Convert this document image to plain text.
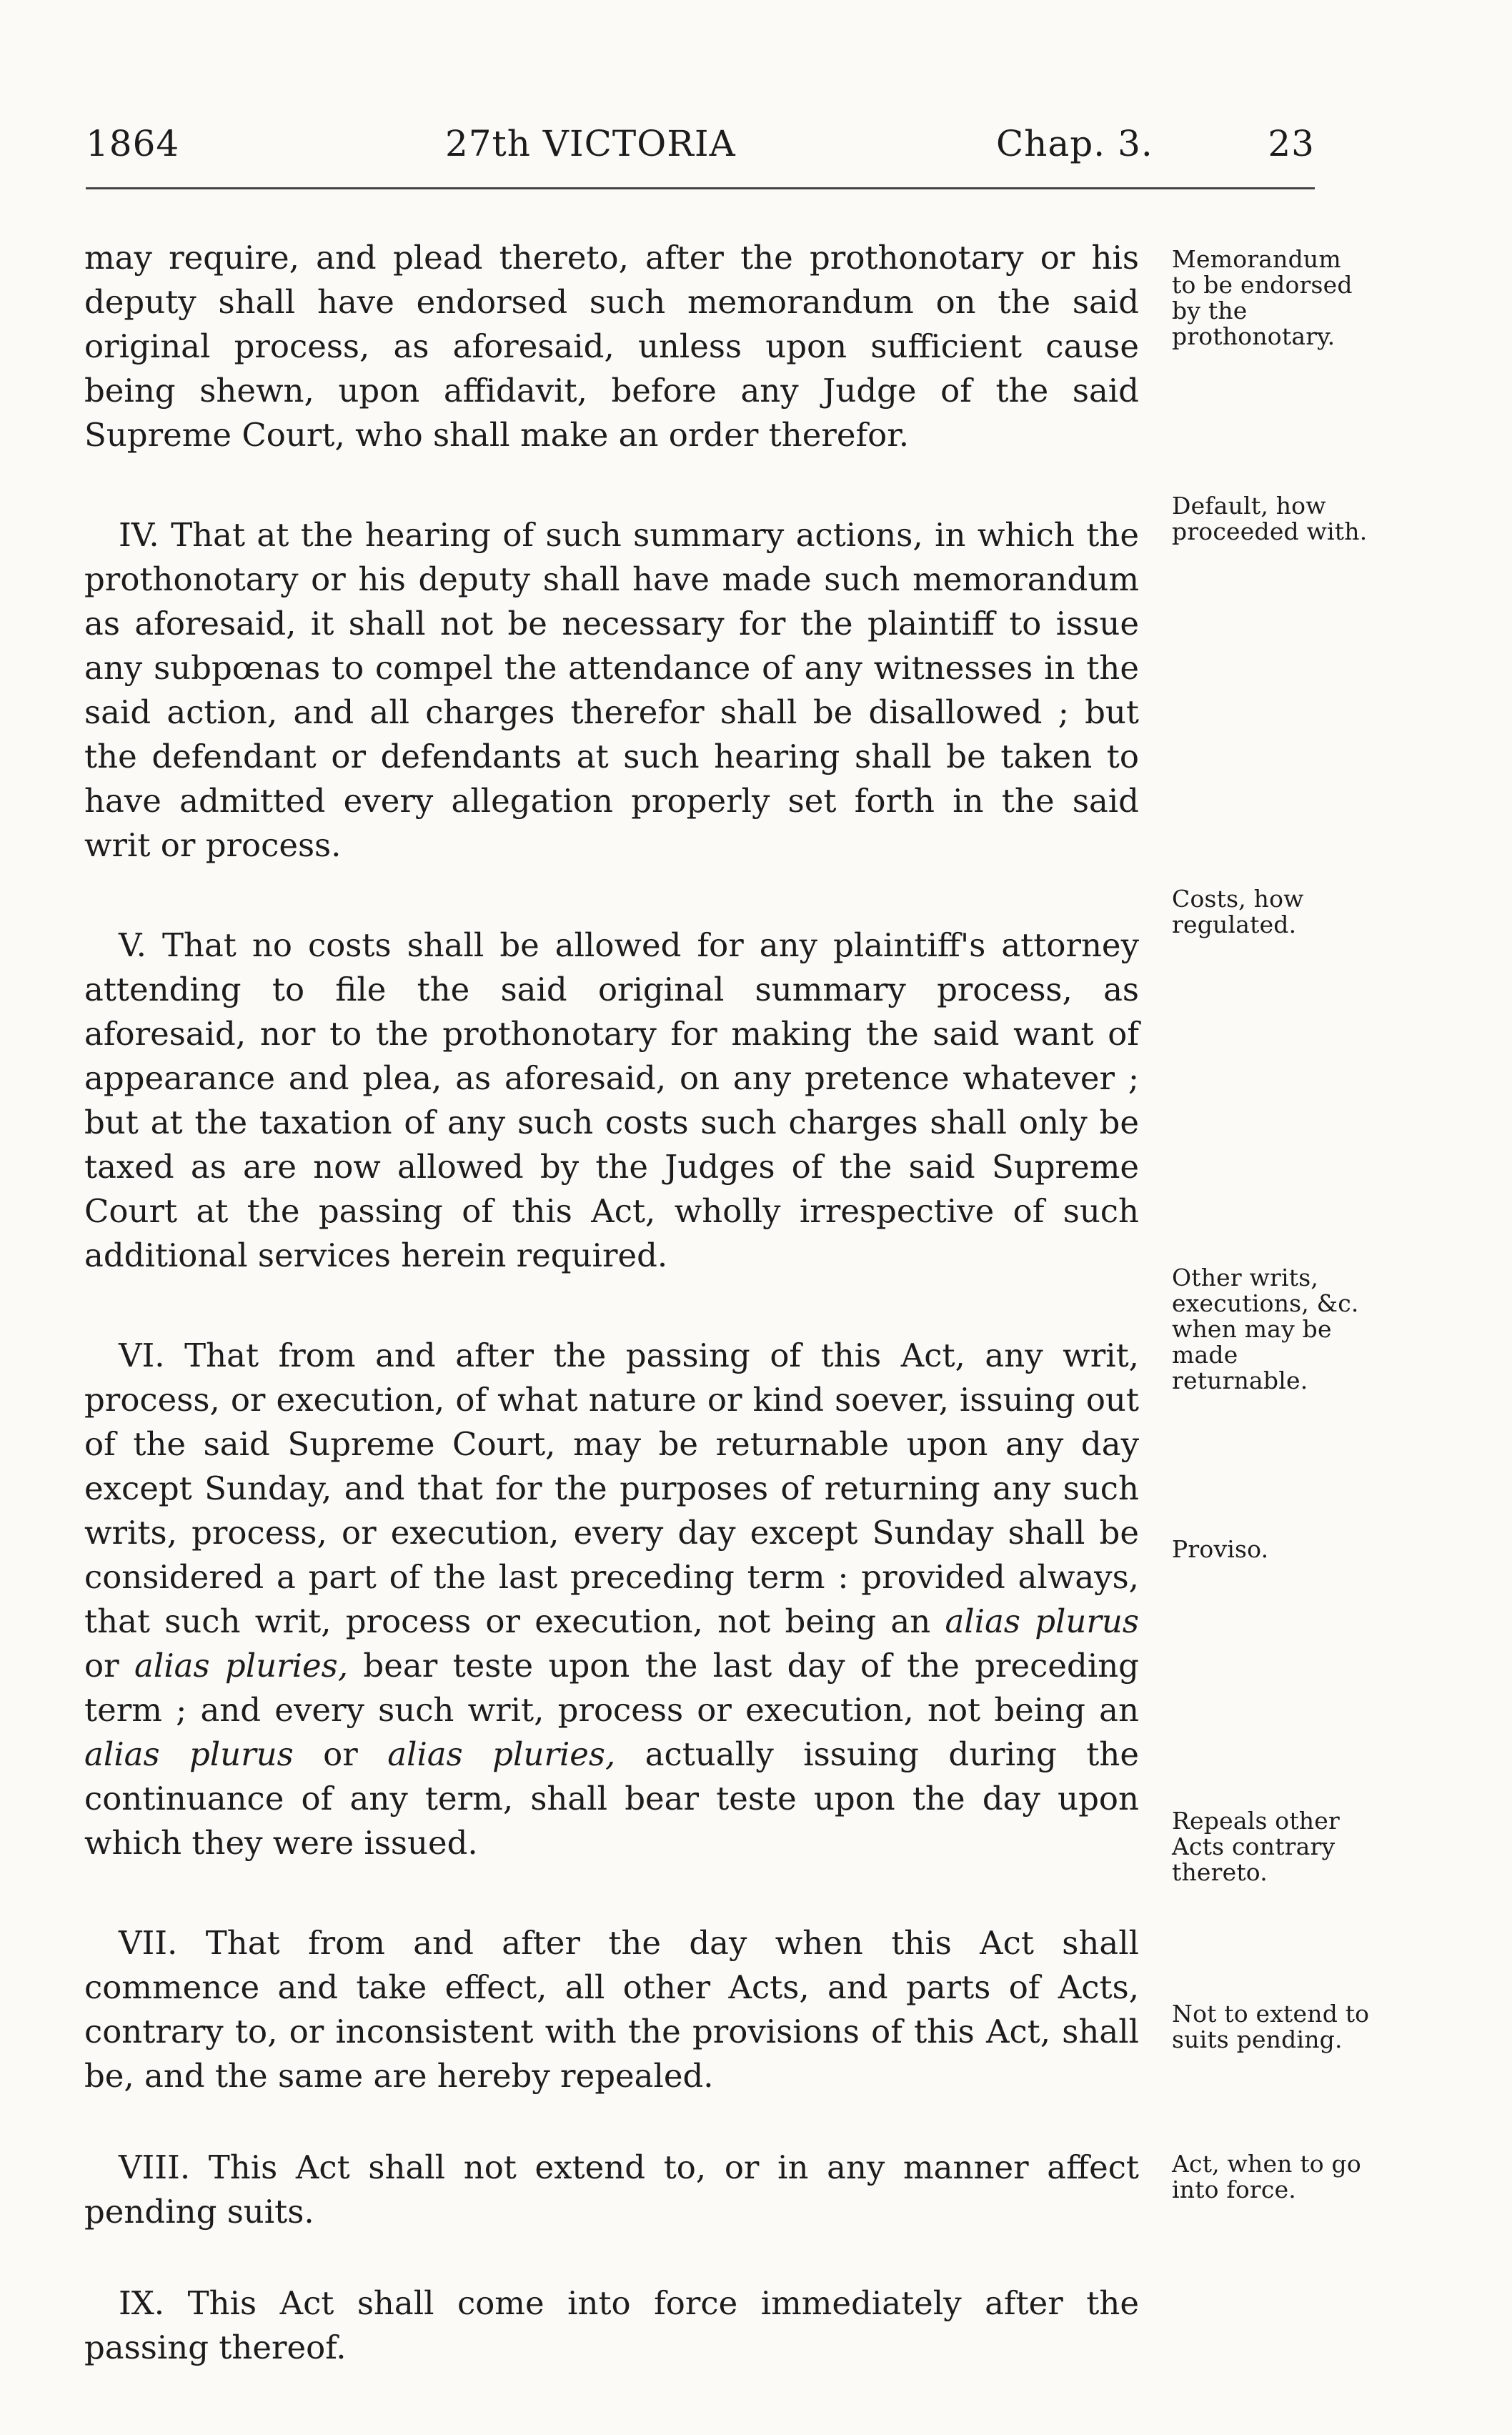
1864	27th VICTORIA	Chap. 3.	23

may require, and plead thereto, after the prothonotary or his deputy shall have endorsed such memorandum on the said original process, as aforesaid, unless upon sufficient cause being shewn, upon affidavit, before any Judge of the said Supreme Court, who shall make an order therefor.

IV. That at the hearing of such summary actions, in which the prothonotary or his deputy shall have made such memorandum as aforesaid, it shall not be necessary for the plaintiff to issue any subpœnas to compel the attendance of any witnesses in the said action, and all charges therefor shall be disallowed ; but the defendant or defendants at such hearing shall be taken to have admitted every allegation properly set forth in the said writ or process.

V. That no costs shall be allowed for any plaintiff's attorney attending to file the said original summary process, as aforesaid, nor to the prothonotary for making the said want of appearance and plea, as aforesaid, on any pretence whatever ; but at the taxation of any such costs such charges shall only be taxed as are now allowed by the Judges of the said Supreme Court at the passing of this Act, wholly irrespective of such additional services herein required.

VI. That from and after the passing of this Act, any writ, process, or execution, of what nature or kind soever, issuing out of the said Supreme Court, may be returnable upon any day except Sunday, and that for the purposes of returning any such writs, process, or execution, every day except Sunday shall be considered a part of the last preceding term : provided always, that such writ, process or execution, not being an alias plurus or alias pluries, bear teste upon the last day of the preceding term ; and every such writ, process or execution, not being an alias plurus or alias pluries, actually issuing during the continuance of any term, shall bear teste upon the day upon which they were issued.

VII. That from and after the day when this Act shall commence and take effect, all other Acts, and parts of Acts, contrary to, or inconsistent with the provisions of this Act, shall be, and the same are hereby repealed.

VIII. This Act shall not extend to, or in any manner affect pending suits.

IX. This Act shall come into force immediately after the passing thereof.

Memorandum to be endorsed by the prothonotary.
Default, how proceeded with.
Costs, how regulated.
Other writs, executions, &c. when may be made returnable.
Proviso.
Repeals other Acts contrary thereto.
Not to extend to suits pending.
Act, when to go into force.
